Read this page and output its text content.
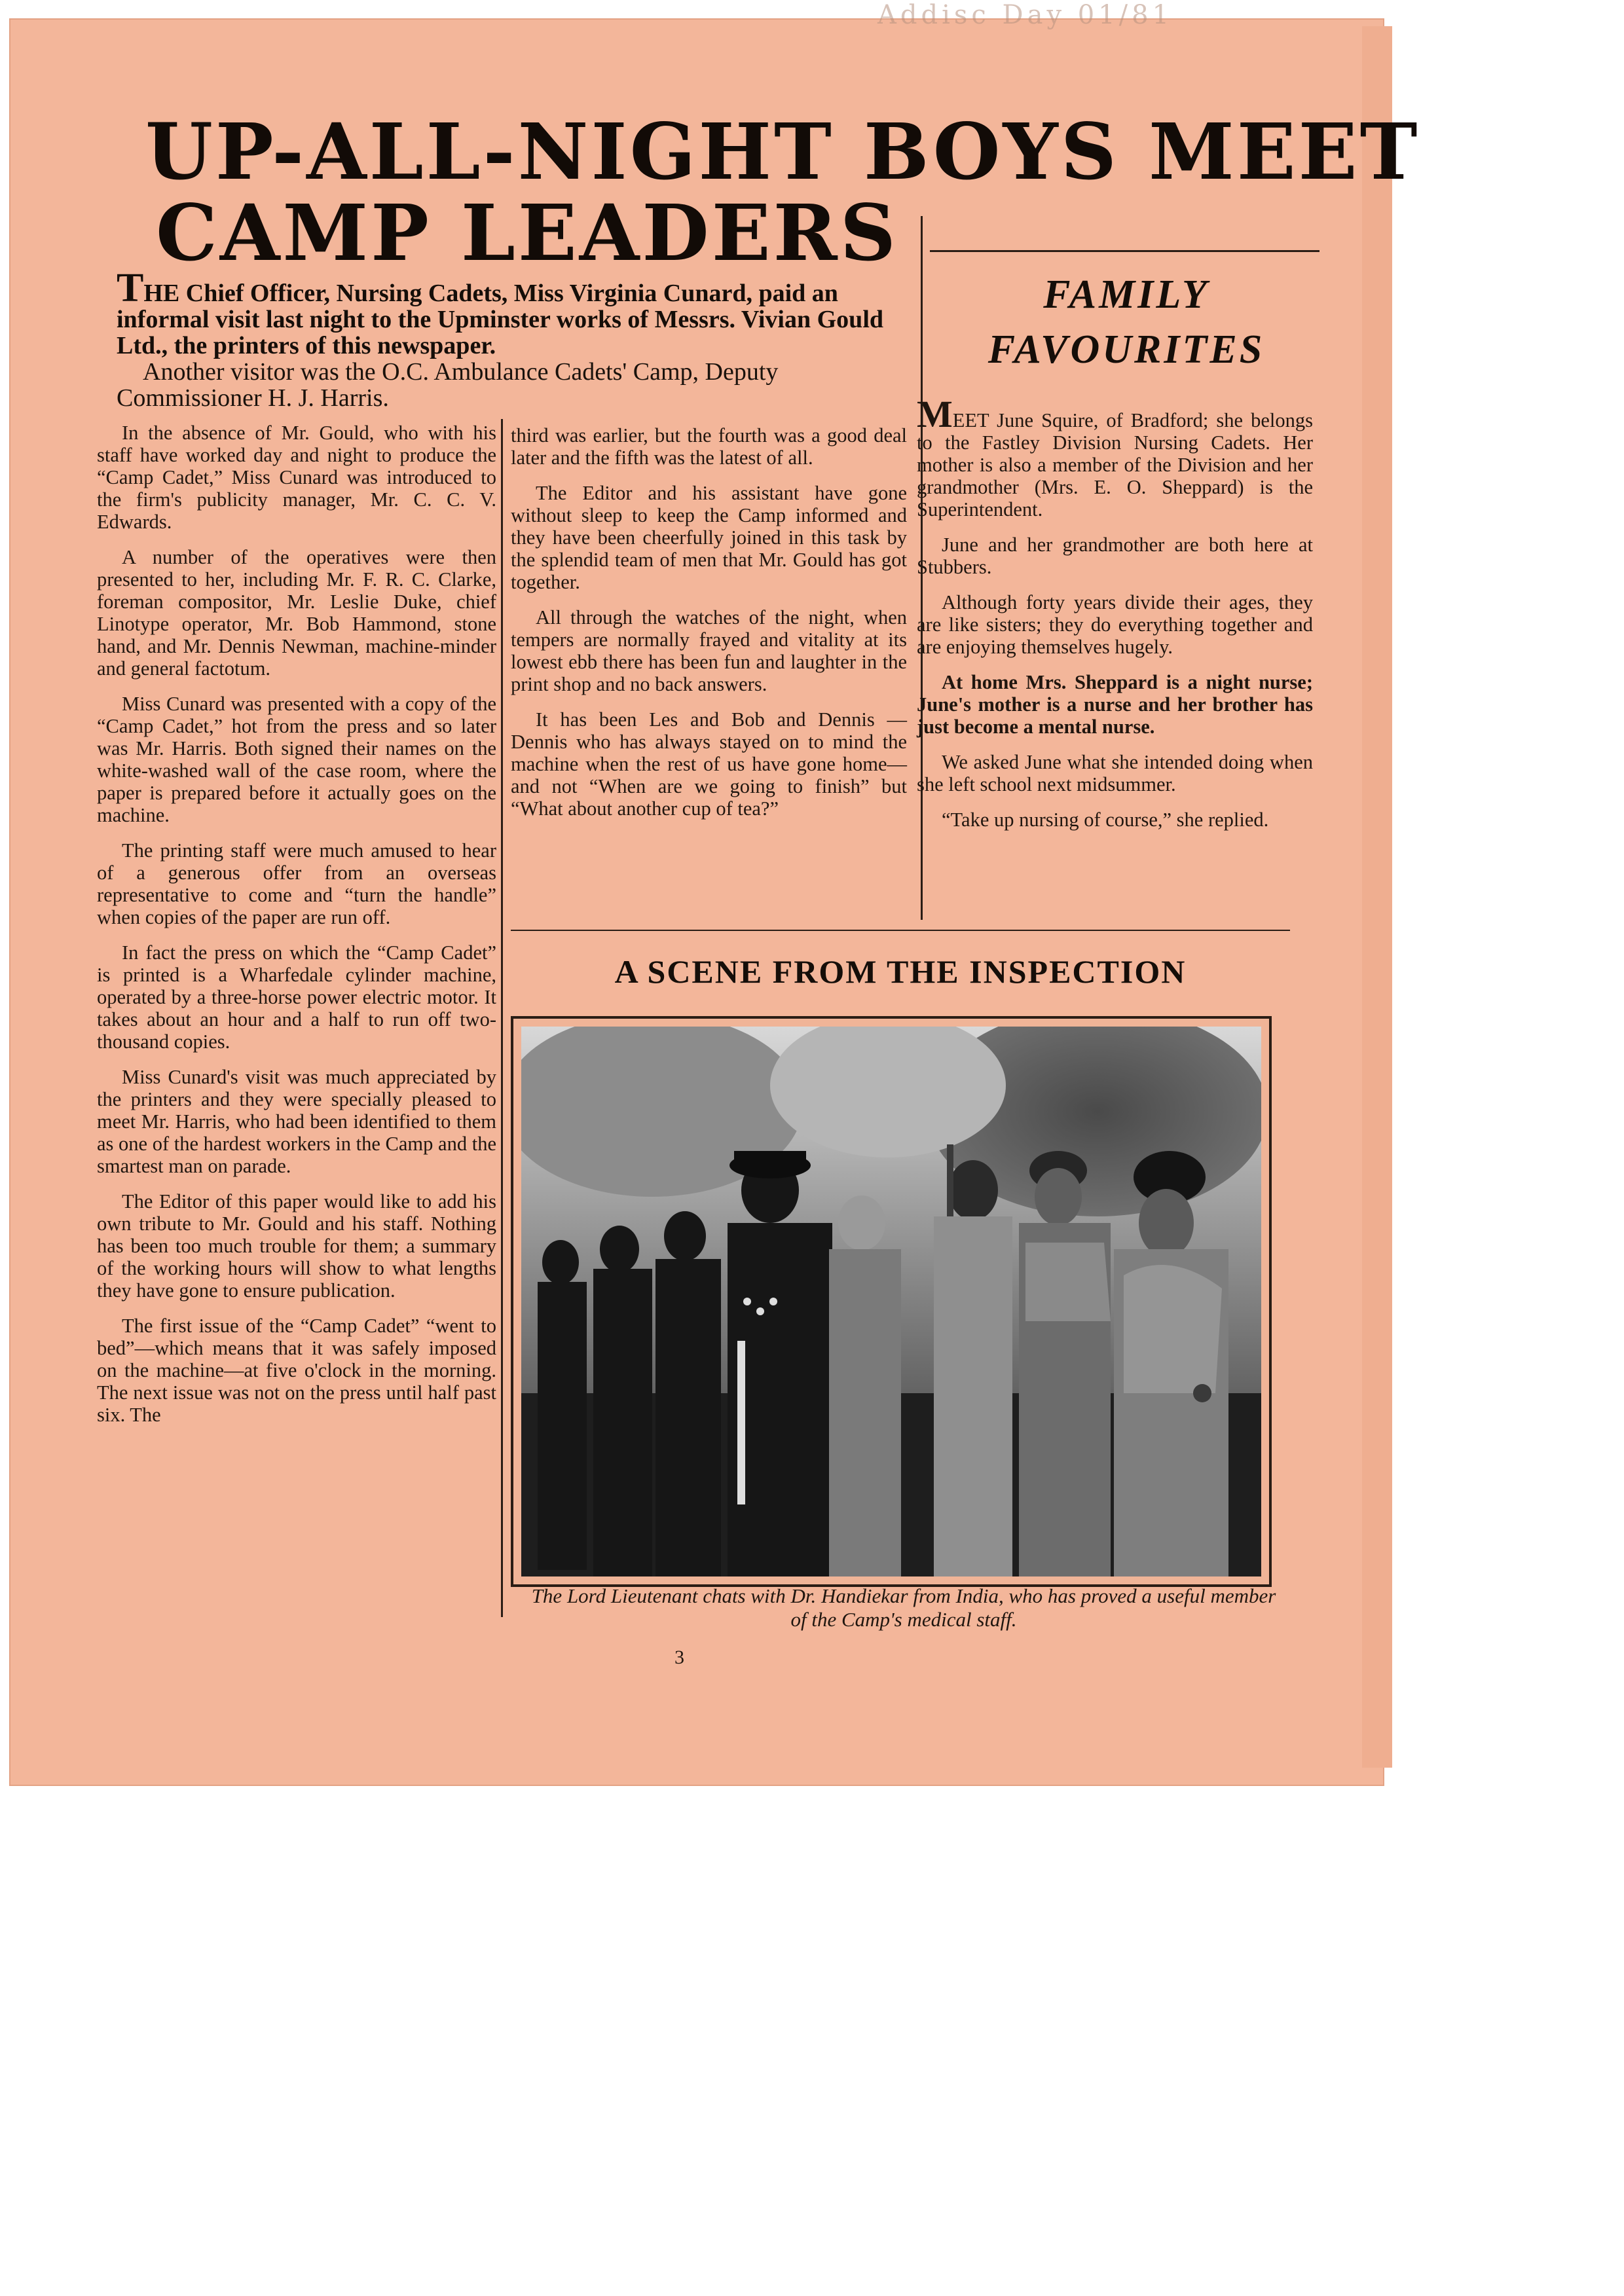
Addisc Day 01/81
UP-ALL-NIGHT BOYS MEET
CAMP LEADERS
THE Chief Officer, Nursing Cadets, Miss Virginia Cunard, paid an informal visit last night to the Upminster works of Messrs. Vivian Gould Ltd., the printers of this newspaper.
Another visitor was the O.C. Ambulance Cadets' Camp, Deputy Commissioner H. J. Harris.

In the absence of Mr. Gould, who with his staff have worked day and night to produce the “Camp Cadet,” Miss Cunard was introduced to the firm's publicity manager, Mr. C. C. V. Edwards.

A number of the operatives were then presented to her, including Mr. F. R. C. Clarke, foreman compositor, Mr. Leslie Duke, chief Linotype operator, Mr. Bob Hammond, stone hand, and Mr. Dennis Newman, machine-minder and general factotum.

Miss Cunard was presented with a copy of the “Camp Cadet,” hot from the press and so later was Mr. Harris. Both signed their names on the white-washed wall of the case room, where the paper is prepared before it actually goes on the machine.

The printing staff were much amused to hear of a generous offer from an overseas representative to come and “turn the handle” when copies of the paper are run off.

In fact the press on which the “Camp Cadet” is printed is a Wharfedale cylinder machine, operated by a three-horse power electric motor. It takes about an hour and a half to run off two-thousand copies.

Miss Cunard's visit was much appreciated by the printers and they were specially pleased to meet Mr. Harris, who had been identified to them as one of the hardest workers in the Camp and the smartest man on parade.

The Editor of this paper would like to add his own tribute to Mr. Gould and his staff. Nothing has been too much trouble for them; a summary of the working hours will show to what lengths they have gone to ensure publication.

The first issue of the “Camp Cadet” “went to bed”—which means that it was safely imposed on the machine—at five o'clock in the morning. The next issue was not on the press until half past six. The

third was earlier, but the fourth was a good deal later and the fifth was the latest of all.

The Editor and his assistant have gone without sleep to keep the Camp informed and they have been cheerfully joined in this task by the splendid team of men that Mr. Gould has got together.

All through the watches of the night, when tempers are normally frayed and vitality at its lowest ebb there has been fun and laughter in the print shop and no back answers.

It has been Les and Bob and Dennis — Dennis who has always stayed on to mind the machine when the rest of us have gone home—and not “When are we going to finish” but “What about another cup of tea?”

FAMILY
FAVOURITES

MEET June Squire, of Bradford; she belongs to the Fastley Division Nursing Cadets. Her mother is also a member of the Division and her grandmother (Mrs. E. O. Sheppard) is the Superintendent.

June and her grandmother are both here at Stubbers.

Although forty years divide their ages, they are like sisters; they do everything together and are enjoying themselves hugely.

At home Mrs. Sheppard is a night nurse; June's mother is a nurse and her brother has just become a mental nurse.

We asked June what she intended doing when she left school next midsummer.

“Take up nursing of course,” she replied.

A SCENE FROM THE INSPECTION
The Lord Lieutenant chats with Dr. Handiekar from India, who has proved a useful member of the Camp's medical staff.
3
